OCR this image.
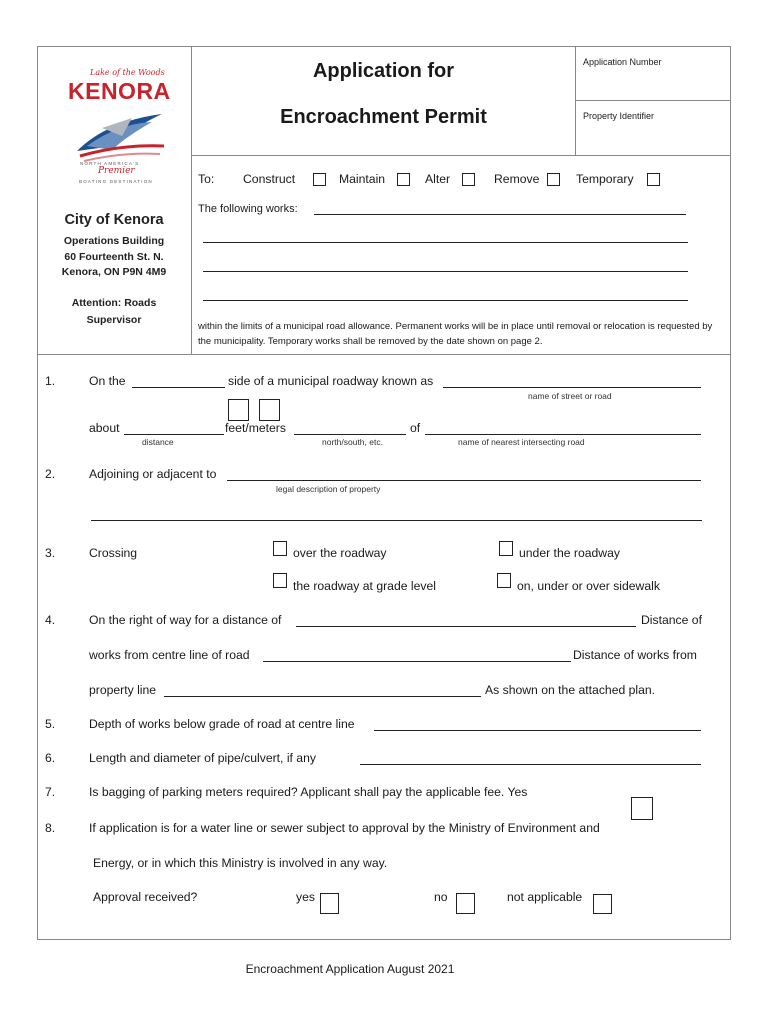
Lake of the Woods
KENORA
NORTH AMERICA'S
Premier
BOATING DESTINATION
City of Kenora
Operations Building
60 Fourteenth St. N.
Kenora, ON P9N 4M9
Attention: Roads
Supervisor
Application for
Encroachment Permit
Application Number
Property Identifier
To: Construct	Maintain	Alter	Remove	Temporary
The following works:
within the limits of a municipal road allowance. Permanent works will be in place until removal or relocation is requested by the municipality. Temporary works shall be removed by the date shown on page 2.
1.	On the	side of a municipal roadway known as
name of street or road
about	feet/meters	of
distance	north/south, etc.	name of nearest intersecting road
2.	Adjoining or adjacent to
legal description of property
3.	Crossing	over the roadway	under the roadway
the roadway at grade level	on, under or over sidewalk
4.	On the right of way for a distance of	Distance of
works from centre line of road	Distance of works from
property line	As shown on the attached plan.
5.	Depth of works below grade of road at centre line
6.	Length and diameter of pipe/culvert, if any
7.	Is bagging of parking meters required? Applicant shall pay the applicable fee. Yes
8.	If application is for a water line or sewer subject to approval by the Ministry of Environment and
Energy, or in which this Ministry is involved in any way.
Approval received?	yes	no	not applicable
Encroachment Application August 2021
